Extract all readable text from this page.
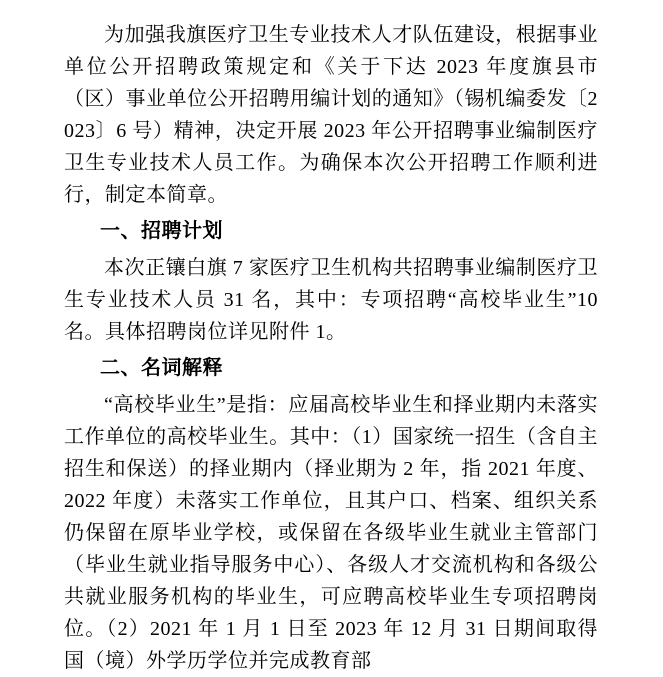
为加强我旗医疗卫生专业技术人才队伍建设，根据事业单位公开招聘政策规定和《关于下达 2023 年度旗县市（区）事业单位公开招聘用编计划的通知》（锡机编委发〔2023〕6 号）精神，决定开展 2023 年公开招聘事业编制医疗卫生专业技术人员工作。为确保本次公开招聘工作顺利进行，制定本简章。

一、招聘计划

本次正镶白旗 7 家医疗卫生机构共招聘事业编制医疗卫生专业技术人员 31 名，其中：专项招聘“高校毕业生”10 名。具体招聘岗位详见附件 1。

二、名词解释

“高校毕业生”是指：应届高校毕业生和择业期内未落实工作单位的高校毕业生。其中：（1）国家统一招生（含自主招生和保送）的择业期内（择业期为 2 年，指 2021 年度、2022 年度）未落实工作单位，且其户口、档案、组织关系仍保留在原毕业学校，或保留在各级毕业生就业主管部门（毕业生就业指导服务中心）、各级人才交流机构和各级公共就业服务机构的毕业生，可应聘高校毕业生专项招聘岗位。（2）2021 年 1 月 1 日至 2023 年 12 月 31 日期间取得国（境）外学历学位并完成教育部
